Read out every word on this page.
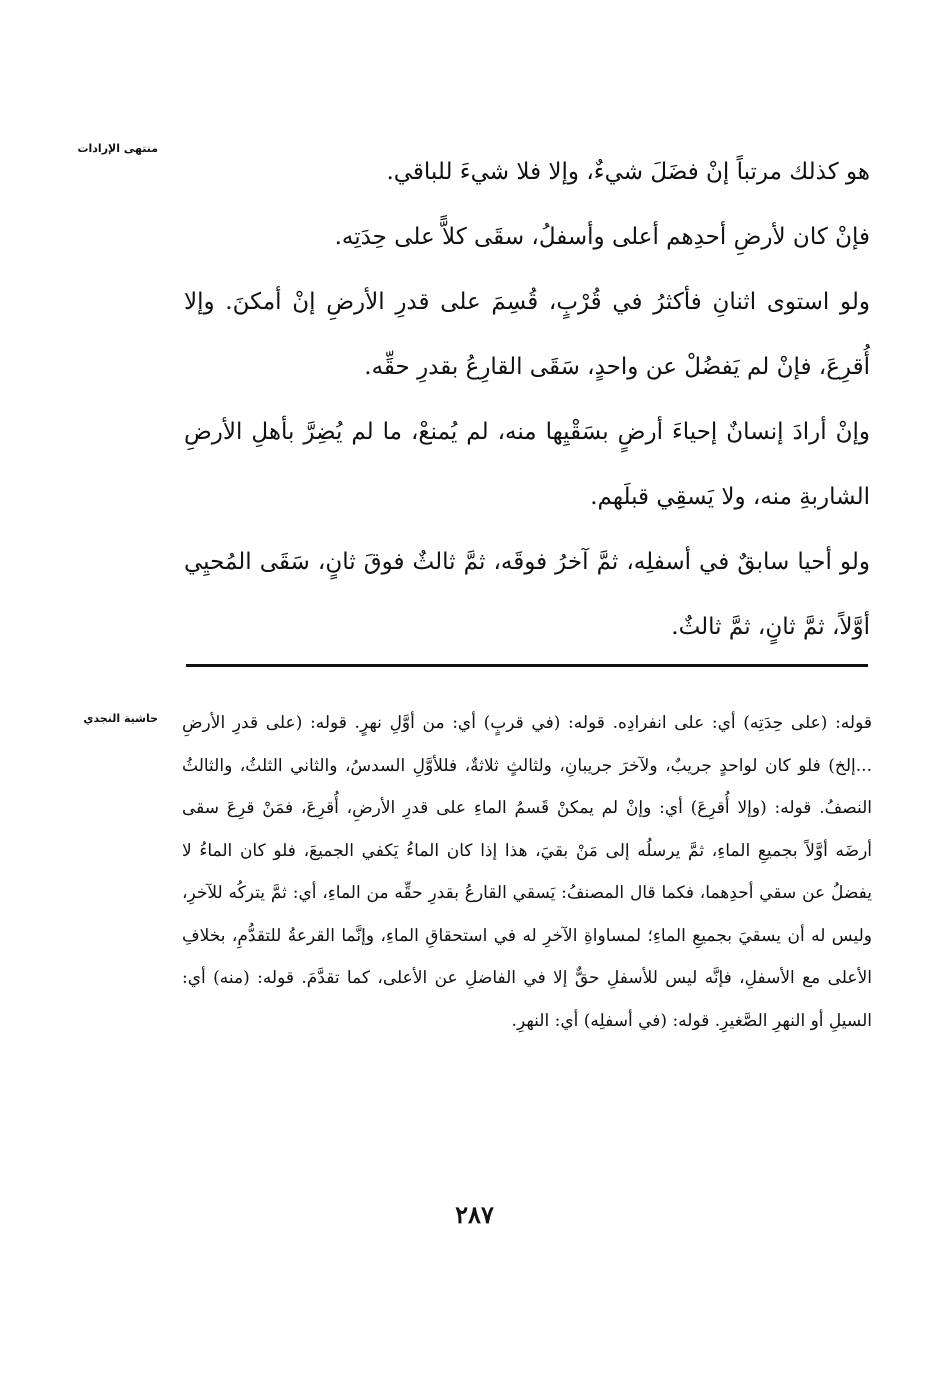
منتهى الإرادات

هو كذلك مرتباً إنْ فضَلَ شيءٌ، وإلا فلا شيءَ للباقي.

فإنْ كان لأرضِ أحدِهم أعلى وأسفلُ، سقَى كلاًّ على حِدَتِه.

ولو استوى اثنانِ فأكثرُ في قُرْبٍ، قُسِمَ على قدرِ الأرضِ إنْ أمكنَ. وإلا أُقرِعَ، فإنْ لم يَفضُلْ عن واحدٍ، سَقَى القارِعُ بقدرِ حقِّه.

وإنْ أرادَ إنسانٌ إحياءَ أرضٍ بسَقْيِها منه، لم يُمنعْ، ما لم يُضِرَّ بأهلِ الأرضِ الشاربةِ منه، ولا يَسقِي قبلَهم.

ولو أحيا سابقٌ في أسفلِه، ثمَّ آخرُ فوقَه، ثمَّ ثالثٌ فوقَ ثانٍ، سَقَى المُحيِي أوَّلاً، ثمَّ ثانٍ، ثمَّ ثالثٌ.

حاشية النجدي قوله: (على حِدَتِه) أي: على انفرادِه. قوله: (في قربٍ) أي: من أوَّلِ نهرٍ. قوله: (على قدرِ الأرضِ ...إلخ) فلو كان لواحدٍ جريبٌ، ولآخرَ جريبانِ، ولثالثٍ ثلاثةٌ، فللأوَّلِ السدسُ، والثاني الثلثُ، والثالثُ النصفُ. قوله: (وإلا أُقرِعَ) أي: وإنْ لم يمكنْ قَسمُ الماءِ على قدرِ الأرضِ، أُقرِعَ، فمَنْ قرِعَ سقى أرضَه أوَّلاً بجميعِ الماءِ، ثمَّ يرسلُه إلى مَنْ بقيَ، هذا إذا كان الماءُ يَكفي الجميعَ، فلو كان الماءُ لا يفضلُ عن سقي أحدِهما، فكما قال المصنفُ: يَسقي القارعُ بقدرِ حقِّه من الماءِ، أي: ثمَّ يتركُه للآخرِ، وليس له أن يسقيَ بجميعِ الماءِ؛ لمساواةِ الآخرِ له في استحقاقِ الماءِ، وإنَّما القرعةُ للتقدُّمِ، بخلافِ الأعلى مع الأسفلِ، فإنَّه ليس للأسفلِ حقٌّ إلا في الفاضلِ عن الأعلى، كما تقدَّمَ. قوله: (منه) أي: السيلِ أو النهرِ الصَّغيرِ. قوله: (في أسفلِه) أي: النهرِ.

٢٨٧
